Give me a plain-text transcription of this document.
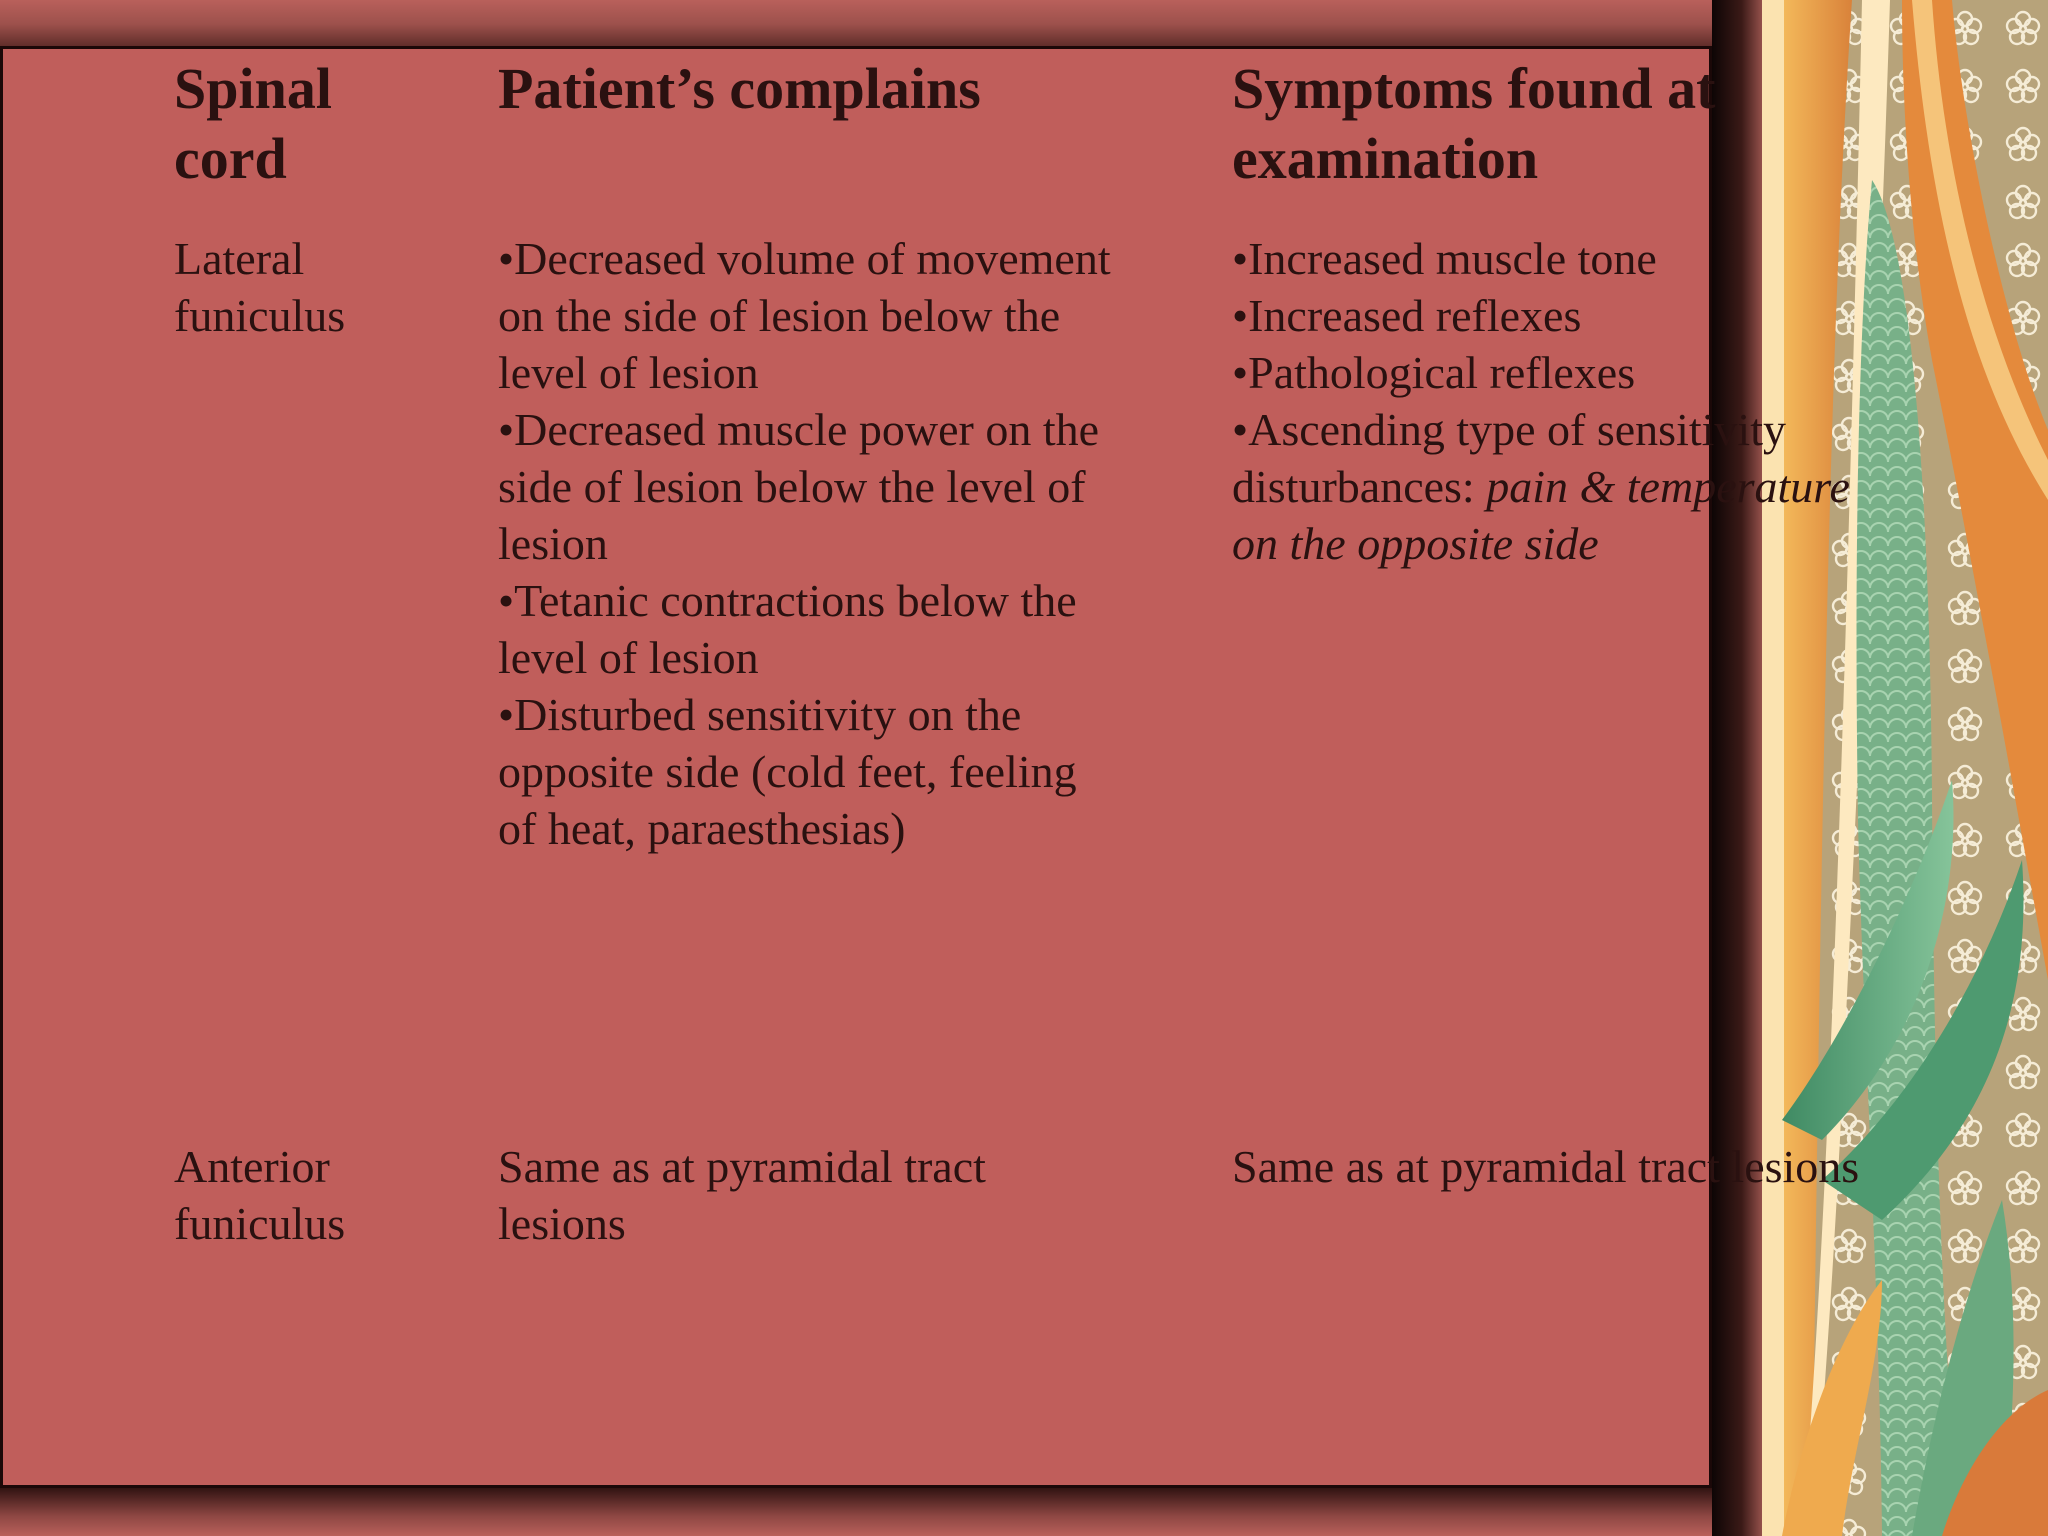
Spinal
cord
Patient’s complains	Symptoms found at
examination
Lateral
funiculus
•Decreased volume of movement
on the side of lesion below the
level of lesion
•Decreased muscle power on the
side of lesion below the level of
lesion
•Tetanic contractions below the
level of lesion
•Disturbed sensitivity on the
opposite side (cold feet, feeling
of heat, paraesthesias)
•Increased muscle tone
•Increased reflexes
•Pathological reflexes
•Ascending type of sensitivity
disturbances: pain & temperature
on the opposite side
Anterior
funiculus
Same as at pyramidal tract
lesions
Same as at pyramidal tract lesions
